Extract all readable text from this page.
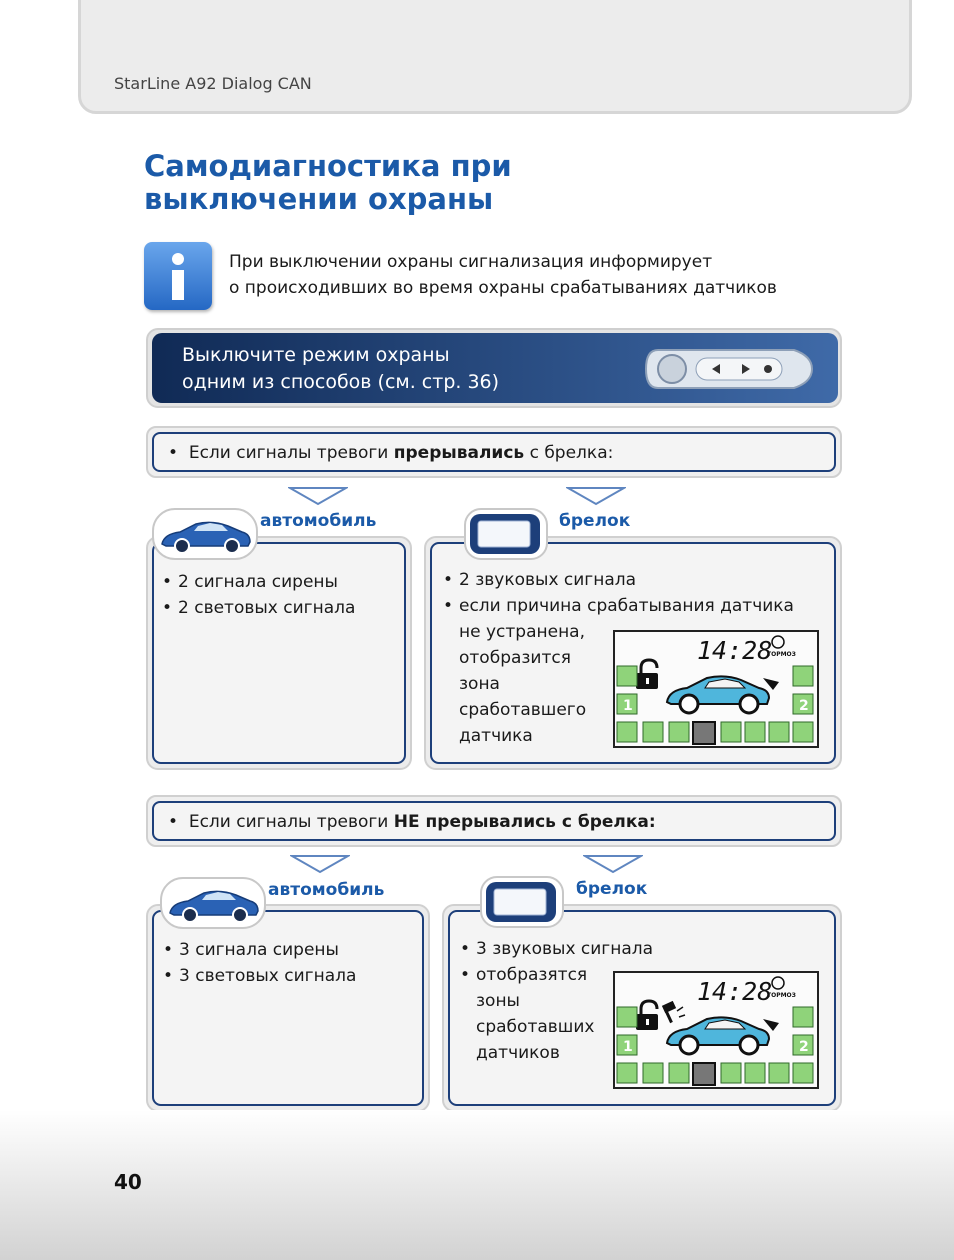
StarLine A92 Dialog CAN
Самодиагностика при
выключении охраны
При выключении охраны сигнализация информирует
о происходивших во время охраны срабатываниях датчиков
Выключите режим охраны
одним из способов (см. стр. 36)
•  Если сигналы тревоги прерывались с брелка:
автомобиль
• 2 сигнала сирены
• 2 световых сигнала
брелок
• 2 звуковых сигнала
• если причина срабатывания датчика
не устранена,
отобразится
зона
сработавшего
датчика
14:28
ТОРМОЗ
1	2
•  Если сигналы тревоги НЕ прерывались с брелка:
автомобиль
• 3 сигнала сирены
• 3 световых сигнала
брелок
• 3 звуковых сигнала
• отобразятся
зоны
сработавших
датчиков
14:28
ТОРМОЗ
1	2
40
